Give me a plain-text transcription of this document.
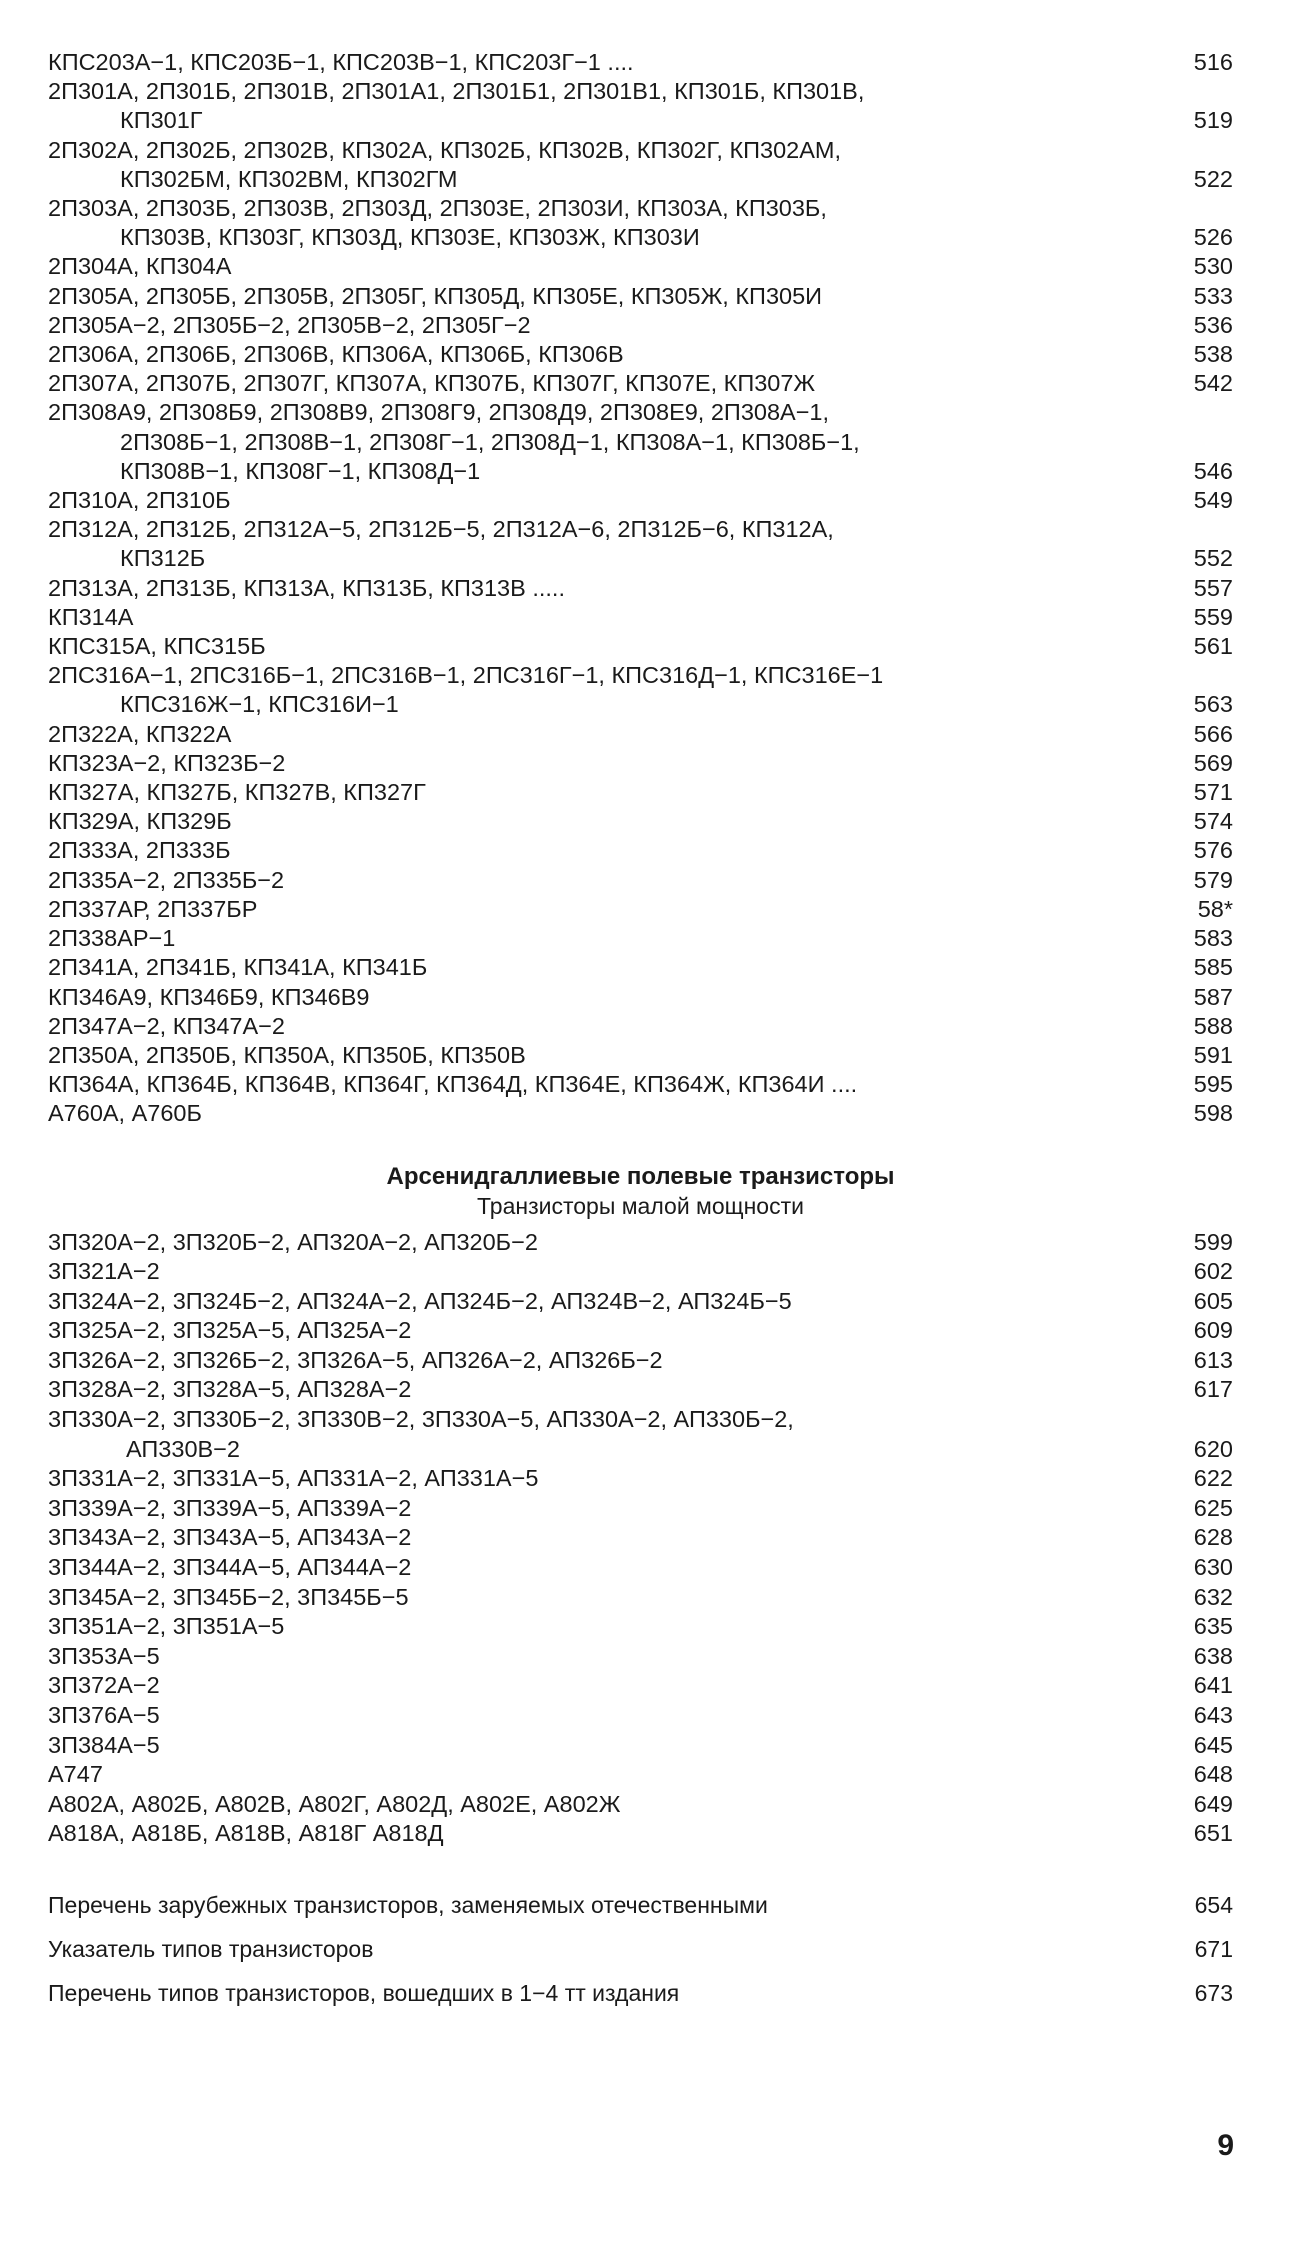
КПС203А−1, КПС203Б−1, КПС203В−1, КПС203Г−1 ....	516
2П301А, 2П301Б, 2П301В, 2П301А1, 2П301Б1, 2П301В1, КП301Б, КП301В,
КП301Г	519
2П302А, 2П302Б, 2П302В, КП302А, КП302Б, КП302В, КП302Г, КП302АМ,
КП302БМ, КП302ВМ, КП302ГМ	522
2П303А, 2П303Б, 2П303В, 2П303Д, 2П303Е, 2П303И, КП303А, КП303Б,
КП303В, КП303Г, КП303Д, КП303Е, КП303Ж, КП303И	526
2П304А, КП304А	530
2П305А, 2П305Б, 2П305В, 2П305Г, КП305Д, КП305Е, КП305Ж, КП305И	533
2П305А−2, 2П305Б−2, 2П305В−2, 2П305Г−2	536
2П306А, 2П306Б, 2П306В, КП306А, КП306Б, КП306В	538
2П307А, 2П307Б, 2П307Г, КП307А, КП307Б, КП307Г, КП307Е, КП307Ж	542
2П308А9, 2П308Б9, 2П308В9, 2П308Г9, 2П308Д9, 2П308Е9, 2П308А−1,
2П308Б−1, 2П308В−1, 2П308Г−1, 2П308Д−1, КП308А−1, КП308Б−1,
КП308В−1, КП308Г−1, КП308Д−1	546
2П310А, 2П310Б	549
2П312А, 2П312Б, 2П312А−5, 2П312Б−5, 2П312А−6, 2П312Б−6, КП312А,
КП312Б	552
2П313А, 2П313Б, КП313А, КП313Б, КП313В .....	557
КП314А	559
КПС315А, КПС315Б	561
2ПС316А−1, 2ПС316Б−1, 2ПС316В−1, 2ПС316Г−1, КПС316Д−1, КПС316Е−1
КПС316Ж−1, КПС316И−1	563
2П322А, КП322А	566
КП323А−2, КП323Б−2	569
КП327А, КП327Б, КП327В, КП327Г	571
КП329А, КП329Б	574
2П333А, 2П333Б	576
2П335А−2, 2П335Б−2	579
2П337АР, 2П337БР	58*
2П338АР−1	583
2П341А, 2П341Б, КП341А, КП341Б	585
КП346А9, КП346Б9, КП346В9	587
2П347А−2, КП347А−2	588
2П350А, 2П350Б, КП350А, КП350Б, КП350В	591
КП364А, КП364Б, КП364В, КП364Г, КП364Д, КП364Е, КП364Ж, КП364И ....	595
А760А, А760Б	598
Арсенидгаллиевые полевые транзисторы
Транзисторы малой мощности
3П320А−2, 3П320Б−2, АП320А−2, АП320Б−2	599
3П321А−2	602
3П324А−2, 3П324Б−2, АП324А−2, АП324Б−2, АП324В−2, АП324Б−5	605
3П325А−2, 3П325А−5, АП325А−2	609
3П326А−2, 3П326Б−2, 3П326А−5, АП326А−2, АП326Б−2	613
3П328А−2, 3П328А−5, АП328А−2	617
3П330А−2, 3П330Б−2, 3П330В−2, 3П330А−5, АП330А−2, АП330Б−2,
АП330В−2	620
3П331А−2, 3П331А−5, АП331А−2, АП331А−5	622
3П339А−2, 3П339А−5, АП339А−2	625
3П343А−2, 3П343А−5, АП343А−2	628
3П344А−2, 3П344А−5, АП344А−2	630
3П345А−2, 3П345Б−2, 3П345Б−5	632
3П351А−2, 3П351А−5	635
3П353А−5	638
3П372А−2	641
3П376А−5	643
3П384А−5	645
А747	648
А802А, А802Б, А802В, А802Г, А802Д, А802Е, А802Ж	649
А818А, А818Б, А818В, А818Г А818Д	651
Перечень зарубежных транзисторов, заменяемых отечественными	654
Указатель типов транзисторов	671
Перечень типов транзисторов, вошедших в 1−4 тт издания	673
9
